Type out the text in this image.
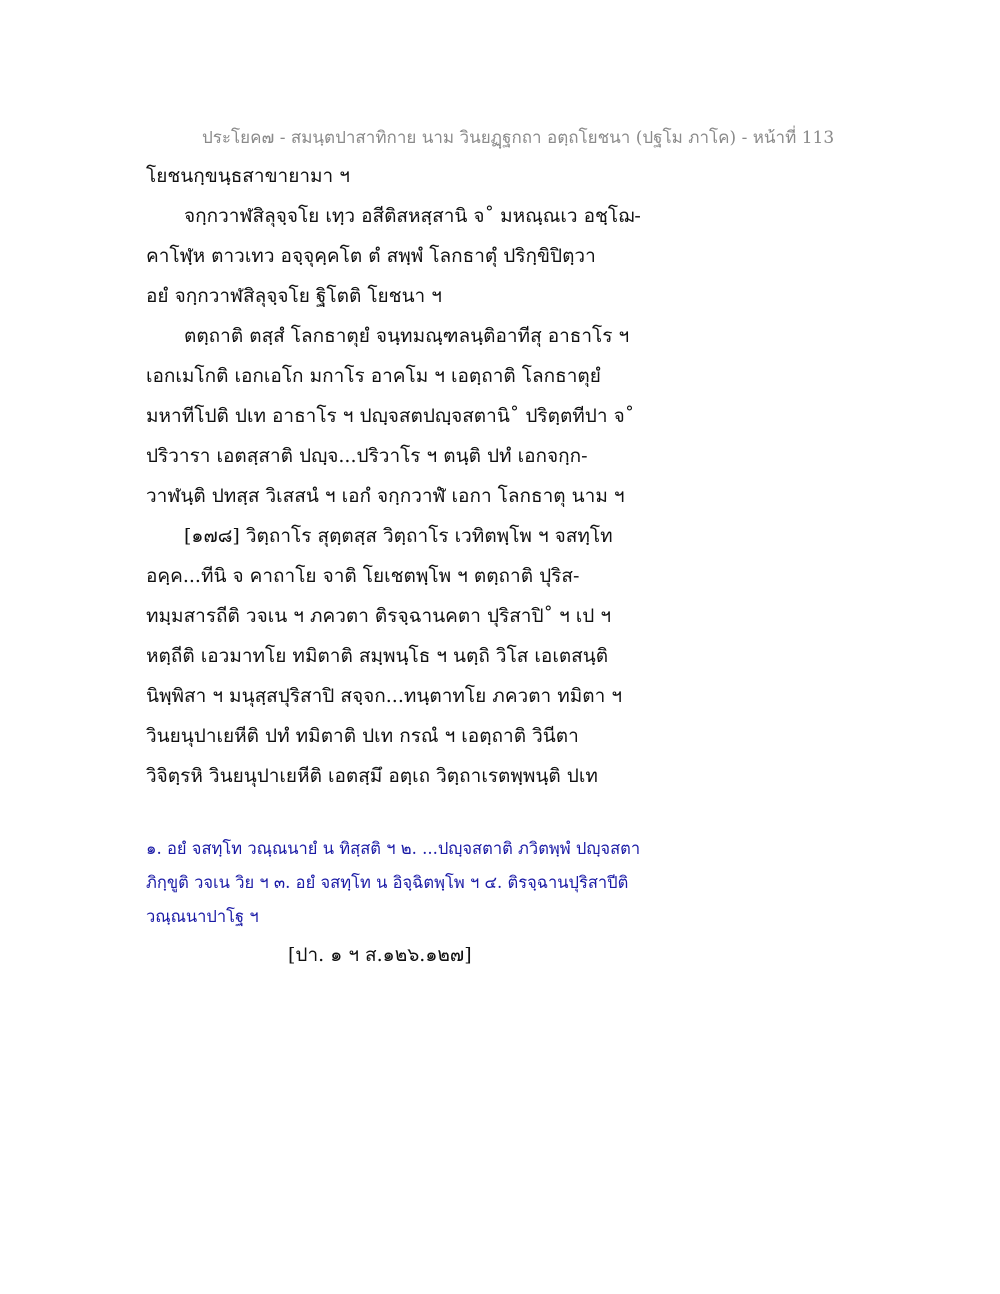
ประโยค๗ - สมนฺตปาสาทิกาย นาม วินยฏฺฐกถา อตฺถโยชนา (ปฐโม ภาโค) - หน้าที่ 113
โยชนกฺขนฺธสาขายามา ฯ
จกฺกวาฬสิลุจฺจโย เทฺว อสีติสหสฺสานิ จ˚ มหณฺณเว อชฺโฌ-
คาโฬฺห ตาวเทว อจฺจุคฺคโต ตํ สพฺพํ โลกธาตุํ ปริกฺขิปิตฺวา
อยํ จกฺกวาฬสิลุจฺจโย ฐิโตติ โยชนา ฯ
ตตฺถาติ ตสฺสํ โลกธาตุยํ จนฺทมณฺฑลนฺติอาทีสุ อาธาโร ฯ
เอกเมโกติ เอกเอโก มกาโร อาคโม ฯ เอตฺถาติ โลกธาตุยํ
มหาทีโปติ ปเท อาธาโร ฯ ปญฺจสตปญฺจสตานิ˚ ปริตฺตทีปา จ˚
ปริวารา เอตสฺสาติ ปญฺจ...ปริวาโร ฯ ตนฺติ ปทํ เอกจกฺก-
วาฬนฺติ ปทสฺส วิเสสนํ ฯ เอกํ จกฺกวาฬํ เอกา โลกธาตุ นาม ฯ
[๑๗๘] วิตฺถาโร สุตฺตสฺส วิตฺถาโร เวทิตพฺโพ ฯ จสทฺโท
อคฺค...ทีนิ จ คาถาโย จาติ โยเชตพฺโพ ฯ ตตฺถาติ ปุริส-
ทมฺมสารถีติ วจเน ฯ ภควตา ติรจฺฉานคตา ปุริสาปิ˚ ฯ เป ฯ
หตฺถีติ เอวมาทโย ทมิตาติ สมฺพนฺโธ ฯ นตฺถิ วิโส เอเตสนฺติ
นิพฺพิสา ฯ มนุสฺสปุริสาปิ สจฺจก...ทนฺตาทโย ภควตา ทมิตา ฯ
วินยนุปาเยหีติ ปทํ ทมิตาติ ปเท กรณํ ฯ เอตฺถาติ วินีตา
วิจิตฺรหิ วินยนุปาเยหีติ เอตสฺมึ อตฺเถ วิตฺถาเรตพฺพนฺติ ปเท
๑. อยํ จสทฺโท วณฺณนายํ น ทิสฺสติ ฯ ๒. ...ปญฺจสตาติ ภวิตพฺพํ ปญฺจสตา
ภิกฺขูติ วจเน วิย ฯ ๓. อยํ จสทฺโท น อิจฺฉิตพฺโพ ฯ ๔. ติรจฺฉานปุริสาปีติ
วณฺณนาปาโฐ ฯ
[ปา. ๑ ฯ ส.๑๒๖.๑๒๗]
